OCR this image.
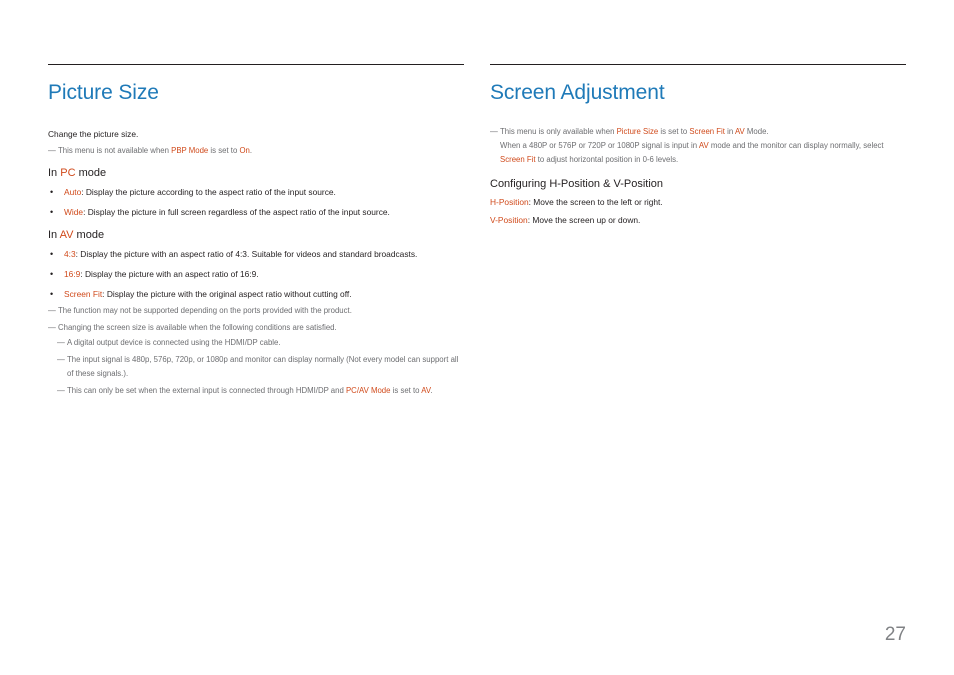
Picture Size

Change the picture size.

— This menu is not available when PBP Mode is set to On.

In PC mode

• Auto: Display the picture according to the aspect ratio of the input source.

• Wide: Display the picture in full screen regardless of the aspect ratio of the input source.

In AV mode

• 4:3: Display the picture with an aspect ratio of 4:3. Suitable for videos and standard broadcasts.

• 16:9: Display the picture with an aspect ratio of 16:9.

• Screen Fit: Display the picture with the original aspect ratio without cutting off.

— The function may not be supported depending on the ports provided with the product.

— Changing the screen size is available when the following conditions are satisfied.

— A digital output device is connected using the HDMI/DP cable.

— The input signal is 480p, 576p, 720p, or 1080p and monitor can display normally (Not every model can support all of these signals.).

— This can only be set when the external input is connected through HDMI/DP and PC/AV Mode is set to AV.

Screen Adjustment

— This menu is only available when Picture Size is set to Screen Fit in AV Mode.
When a 480P or 576P or 720P or 1080P signal is input in AV mode and the monitor can display normally, select Screen Fit to adjust horizontal position in 0-6 levels.

Configuring H-Position & V-Position

H-Position: Move the screen to the left or right.

V-Position: Move the screen up or down.

27
